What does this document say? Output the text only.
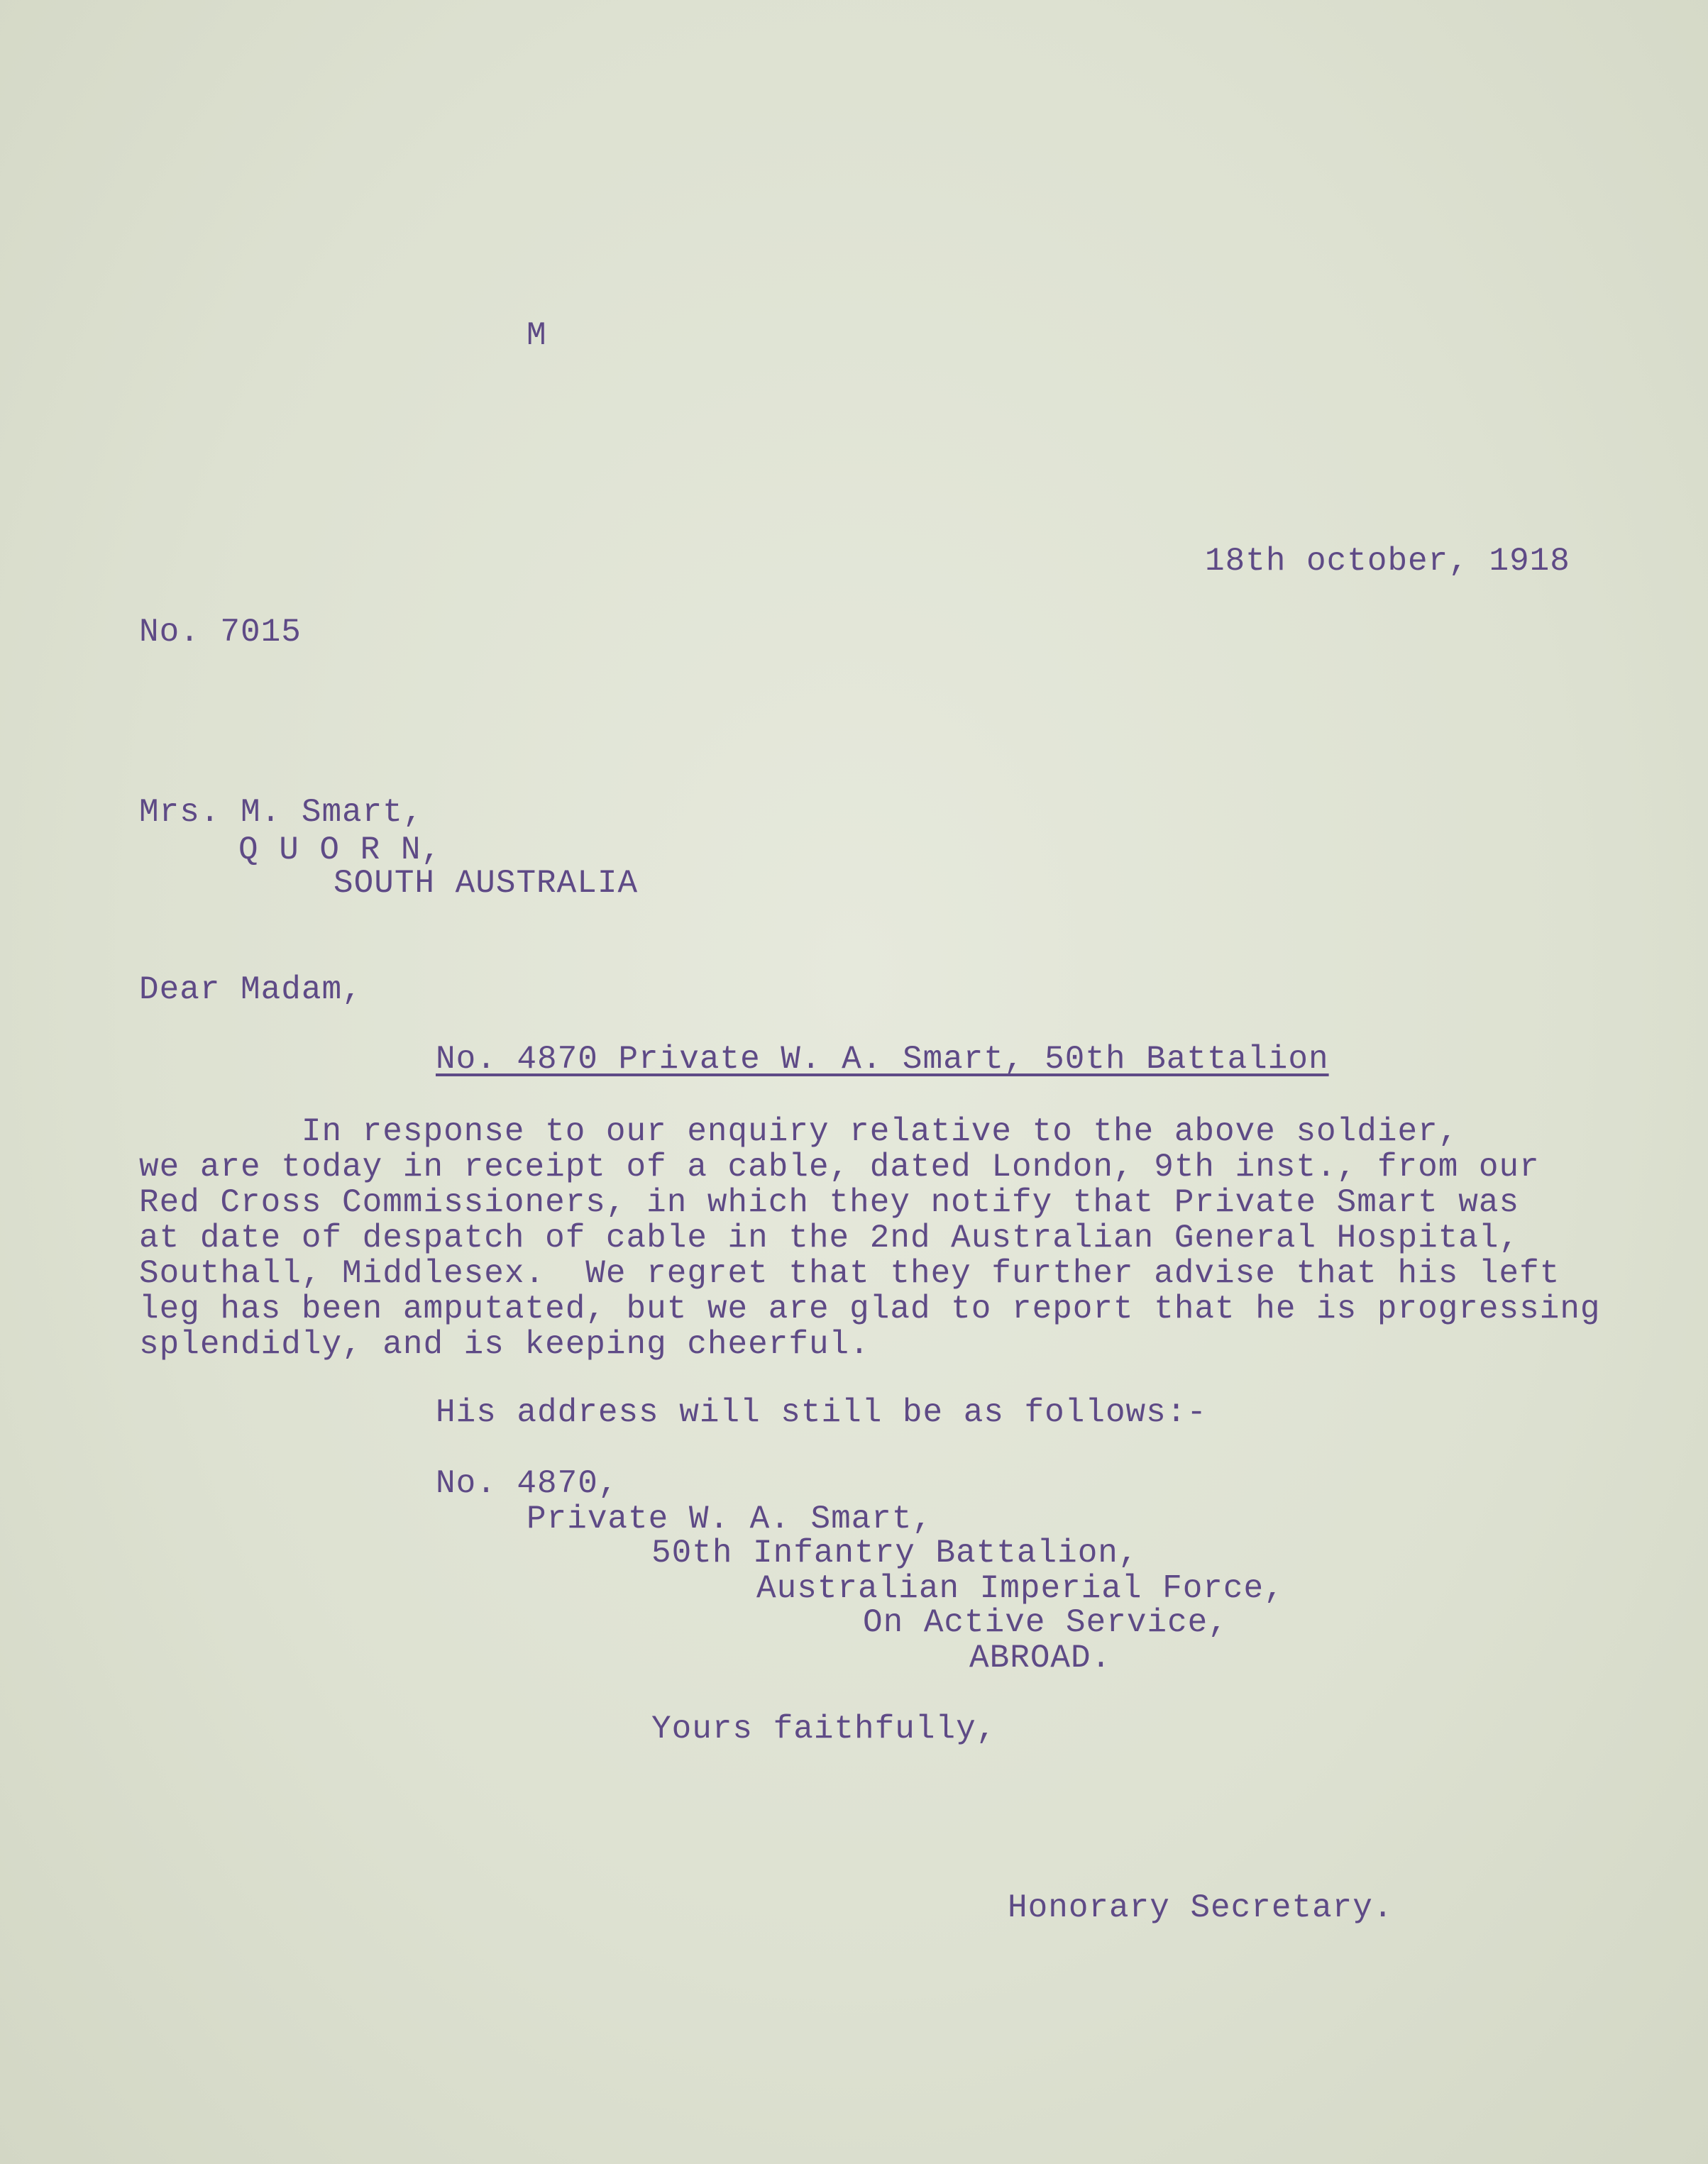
M
18th october, 1918
No. 7015
Mrs. M. Smart,
Q U O R N,
SOUTH AUSTRALIA
Dear Madam,
No. 4870 Private W. A. Smart, 50th Battalion

In response to our enquiry relative to the above soldier,

we are today in receipt of a cable, dated London, 9th inst., from our

Red Cross Commissioners, in which they notify that Private Smart was

at date of despatch of cable in the 2nd Australian General Hospital,

Southall, Middlesex.  We regret that they further advise that his left

leg has been amputated, but we are glad to report that he is progressing

splendidly, and is keeping cheerful.

His address will still be as follows:-
No. 4870,
Private W. A. Smart,
50th Infantry Battalion,
Australian Imperial Force,
On Active Service,
ABROAD.
Yours faithfully,
Honorary Secretary.
